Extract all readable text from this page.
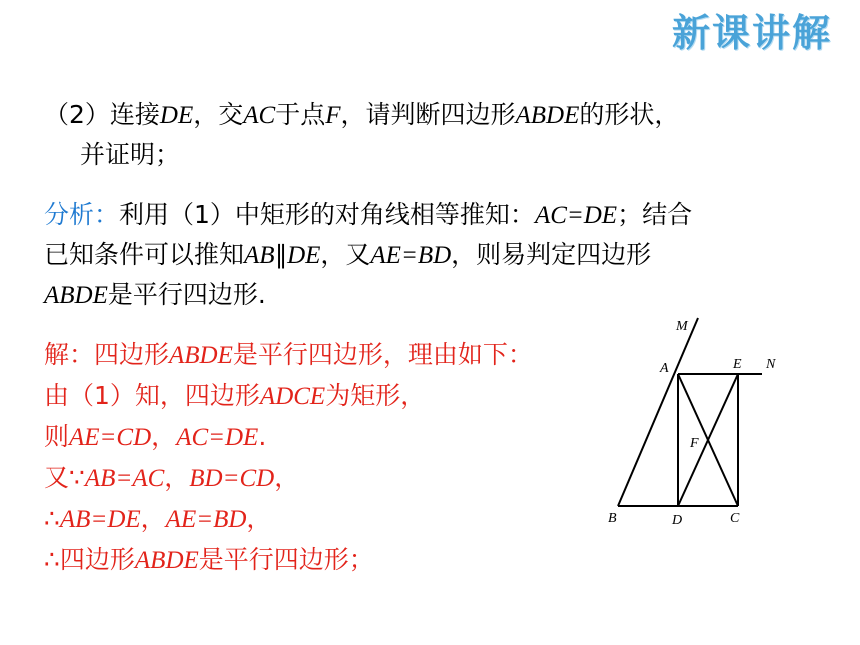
新课讲解
（2）连接DE，交AC于点F，请判断四边形ABDE的形状，
并证明；
分析：利用（1）中矩形的对角线相等推知：AC=DE；结合
已知条件可以推知AB∥DE，又AE=BD，则易判定四边形
ABDE是平行四边形.
解：四边形ABDE是平行四边形，理由如下：
由（1）知，四边形ADCE为矩形，
则AE=CD，AC=DE.
又∵AB=AC，BD=CD，
∴AB=DE，AE=BD，
∴四边形ABDE是平行四边形；
M
A	E N
F
B	D	C
